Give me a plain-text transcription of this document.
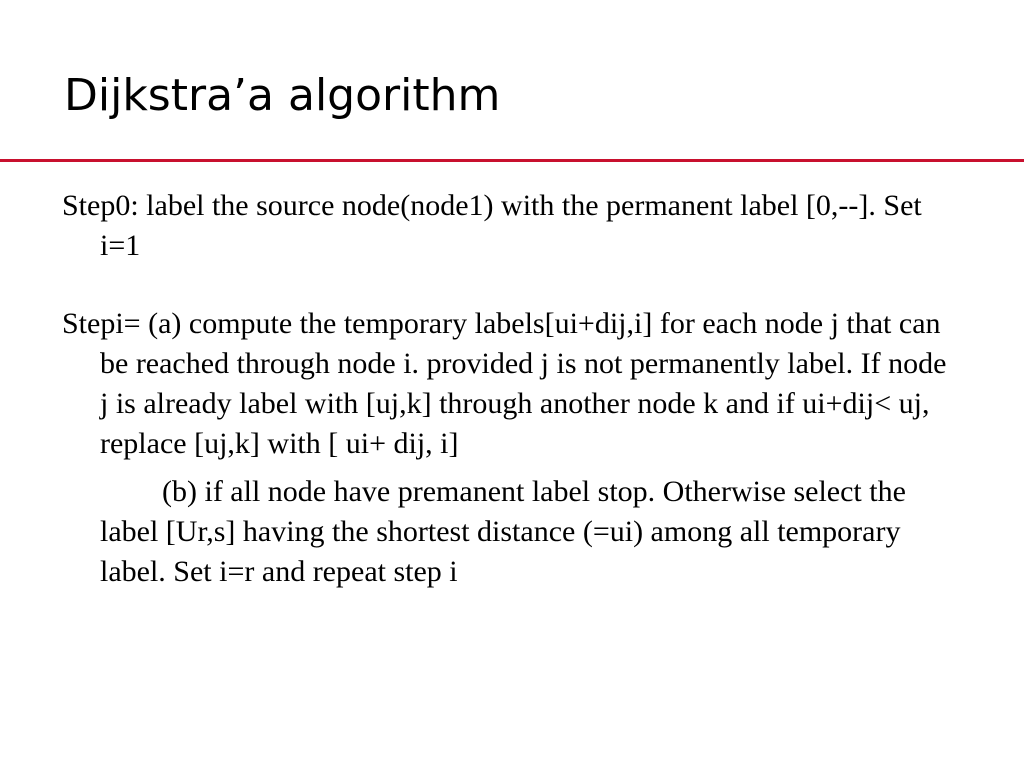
Dijkstra’a algorithm

Step0: label the source node(node1) with the permanent label [0,--]. Set i=1

Stepi= (a) compute the temporary labels[ui+dij,i] for each node j that can be reached through node i. provided j is not permanently label. If node j is already label with [uj,k] through another node k and if ui+dij< uj, replace [uj,k] with [ ui+ dij, i]

(b) if all node have premanent label stop. Otherwise select the label [Ur,s] having the shortest distance (=ui) among all temporary label. Set i=r and repeat step i
